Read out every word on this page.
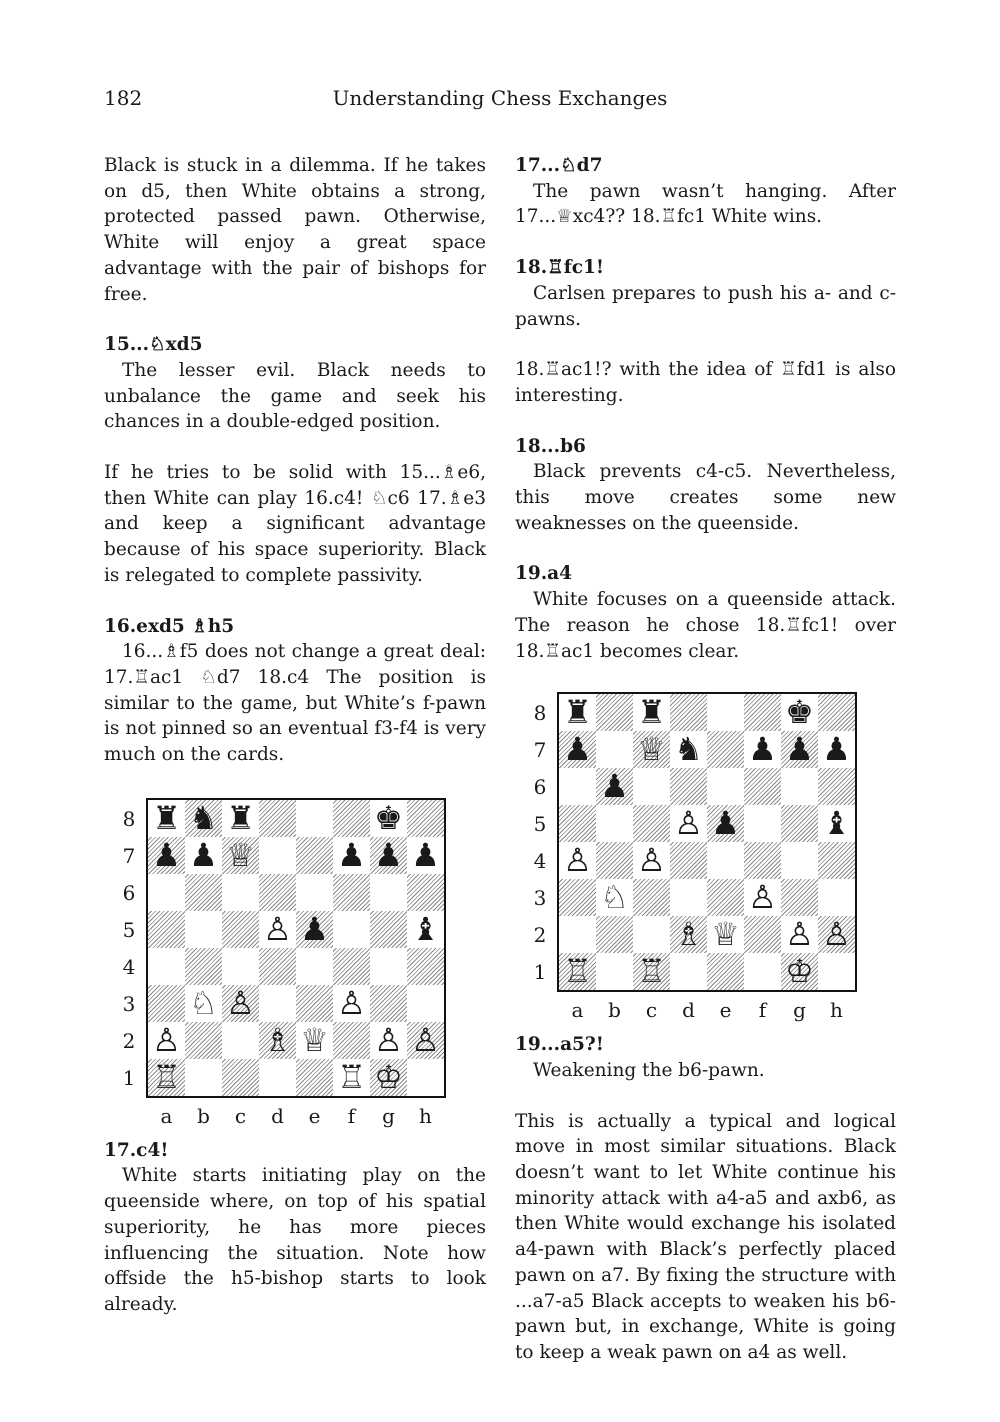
182	Understanding Chess Exchanges

Black is stuck in a dilemma. If he takes on d5, then White obtains a strong, protected passed pawn. Otherwise, White will enjoy a great space advantage with the pair of bishops for free.

15...♘xd5

The lesser evil. Black needs to unbalance the game and seek his chances in a double-edged position.

If he tries to be solid with 15...♗e6, then White can play 16.c4! ♘c6 17.♗e3 and keep a significant advantage because of his space superiority. Black is relegated to complete passivity.

16.exd5 ♗h5

16...♗f5 does not change a great deal: 17.♖ac1 ♘d7 18.c4 The position is similar to the game, but White’s f-pawn is not pinned so an eventual f3-f4 is very much on the cards.

♜ ♞ ♜	♚
♟ ♟ ♕	♟ ♟ ♟
♙ ♟	♝
♘ ♙	♙
♙	♗ ♕ ♙ ♙
♖	♖ ♔
8
7
6
5
4
3
2
1
a	b	c	d	e	f	g	h

17.c4!

White starts initiating play on the queenside where, on top of his spatial superiority, he has more pieces influencing the situation. Note how offside the h5-bishop starts to look already.

17...♘d7

The pawn wasn’t hanging. After 17...♕xc4?? 18.♖fc1 White wins.

18.♖fc1!

Carlsen prepares to push his a- and c-pawns.

18.♖ac1!? with the idea of ♖fd1 is also interesting.

18...b6

Black prevents c4-c5. Nevertheless, this move creates some new weaknesses on the queenside.

19.a4

White focuses on a queenside attack. The reason he chose 18.♖fc1! over 18.♖ac1 becomes clear.

♜ ♜	♚
♟ ♕ ♞ ♟ ♟ ♟
♟
♙ ♟	♝
♙ ♙
♘	♙
♗ ♕ ♙ ♙
♖ ♖	♔
8
7
6
5
4
3
2
1
a	b	c	d	e	f	g	h

19...a5?!

Weakening the b6-pawn.

This is actually a typical and logical move in most similar situations. Black doesn’t want to let White continue his minority attack with a4-a5 and axb6, as then White would exchange his isolated a4-pawn with Black’s perfectly placed pawn on a7. By fixing the structure with ...a7-a5 Black accepts to weaken his b6-pawn but, in exchange, White is going to keep a weak pawn on a4 as well.
